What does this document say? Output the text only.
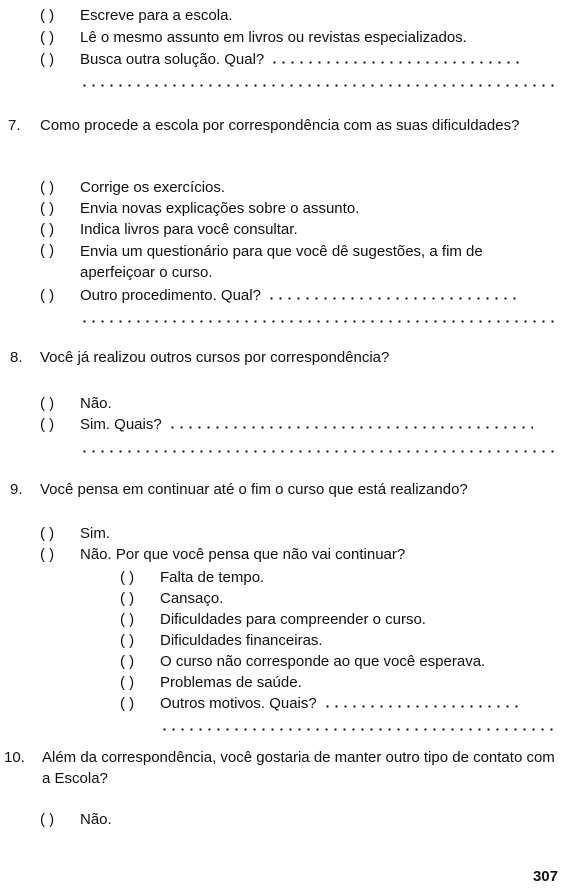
( ) Escreve para a escola.
( ) Lê o mesmo assunto em livros ou revistas especializados.
( ) Busca outra solução. Qual?
7. Como procede a escola por correspondência com as suas dificuldades?
( ) Corrige os exercícios.
( ) Envia novas explicações sobre o assunto.
( ) Indica livros para você consultar.
( ) Envia um questionário para que você dê sugestões, a fim de aperfeiçoar o curso.
( ) Outro procedimento. Qual?
8. Você já realizou outros cursos por correspondência?
( ) Não.
( ) Sim. Quais?
9. Você pensa em continuar até o fim o curso que está realizando?
( ) Sim.
( ) Não. Por que você pensa que não vai continuar?
( ) Falta de tempo.
( ) Cansaço.
( ) Dificuldades para compreender o curso.
( ) Dificuldades financeiras.
( ) O curso não corresponde ao que você esperava.
( ) Problemas de saúde.
( ) Outros motivos. Quais?
10. Além da correspondência, você gostaria de manter outro tipo de contato com a Escola?
( ) Não.
307
